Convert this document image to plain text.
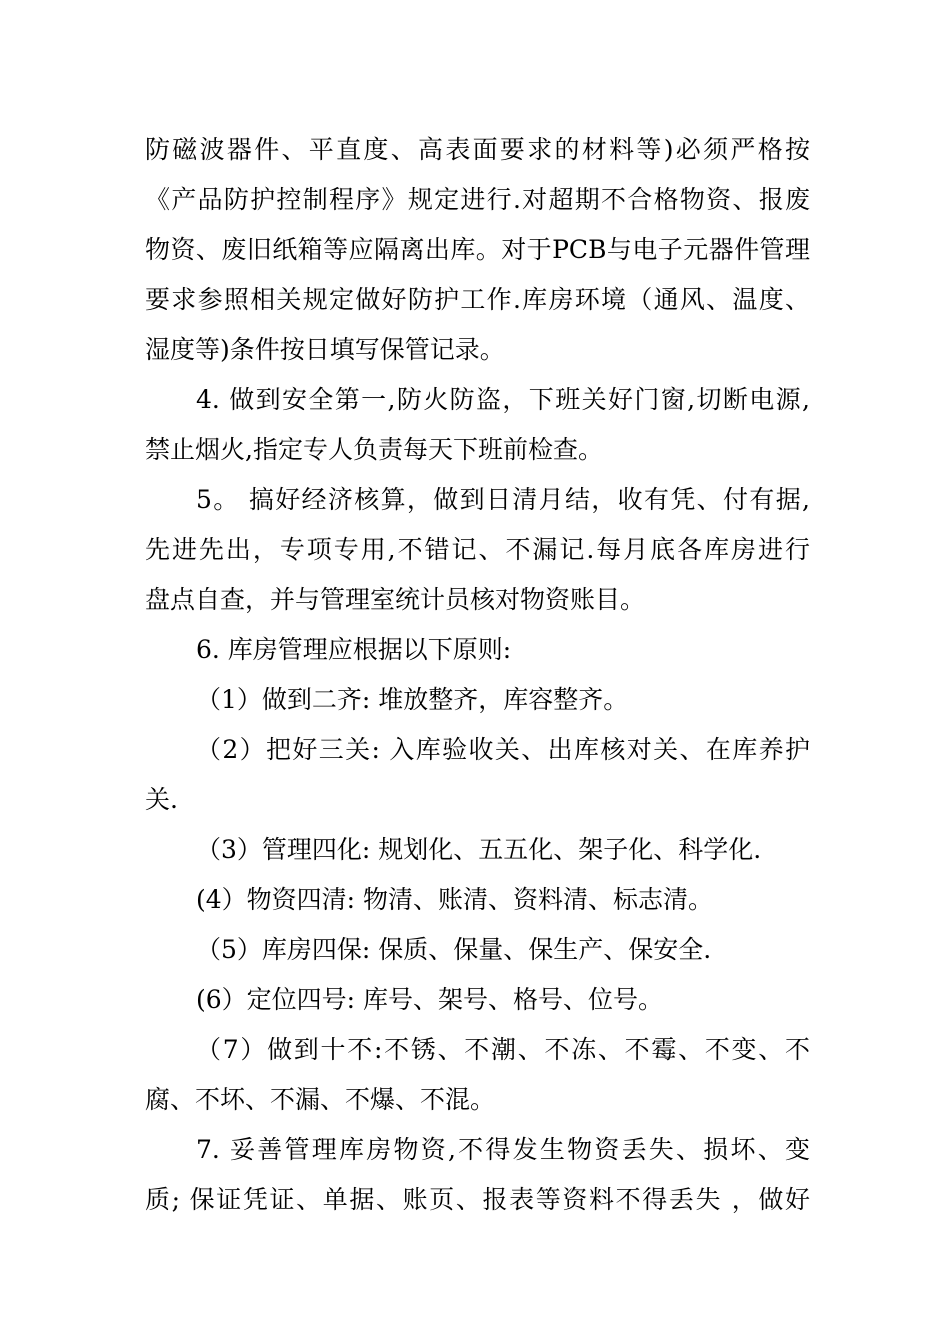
防磁波器件、平直度、高表面要求的材料等)必须严格按
《产品防护控制程序》规定进行.对超期不合格物资、报废
物资、废旧纸箱等应隔离出库。对于PCB与电子元器件管理
要求参照相关规定做好防护工作.库房环境（通风、温度、
湿度等)条件按日填写保管记录。
4. 做到安全第一,防火防盗，下班关好门窗,切断电源,
禁止烟火,指定专人负责每天下班前检查。
5。 搞好经济核算，做到日清月结，收有凭、付有据,
先进先出，专项专用,不错记、不漏记.每月底各库房进行
盘点自查，并与管理室统计员核对物资账目。
6. 库房管理应根据以下原则:
（1）做到二齐: 堆放整齐，库容整齐。
（2）把好三关: 入库验收关、出库核对关、在库养护
关.
（3）管理四化: 规划化、五五化、架子化、科学化.
(4）物资四清: 物清、账清、资料清、标志清。
（5）库房四保: 保质、保量、保生产、保安全.
(6）定位四号: 库号、架号、格号、位号。
（7）做到十不:不锈、不潮、不冻、不霉、不变、不
腐、不坏、不漏、不爆、不混。
7. 妥善管理库房物资,不得发生物资丢失、损坏、变
质; 保证凭证、单据、账页、报表等资料不得丢失 ，做好
